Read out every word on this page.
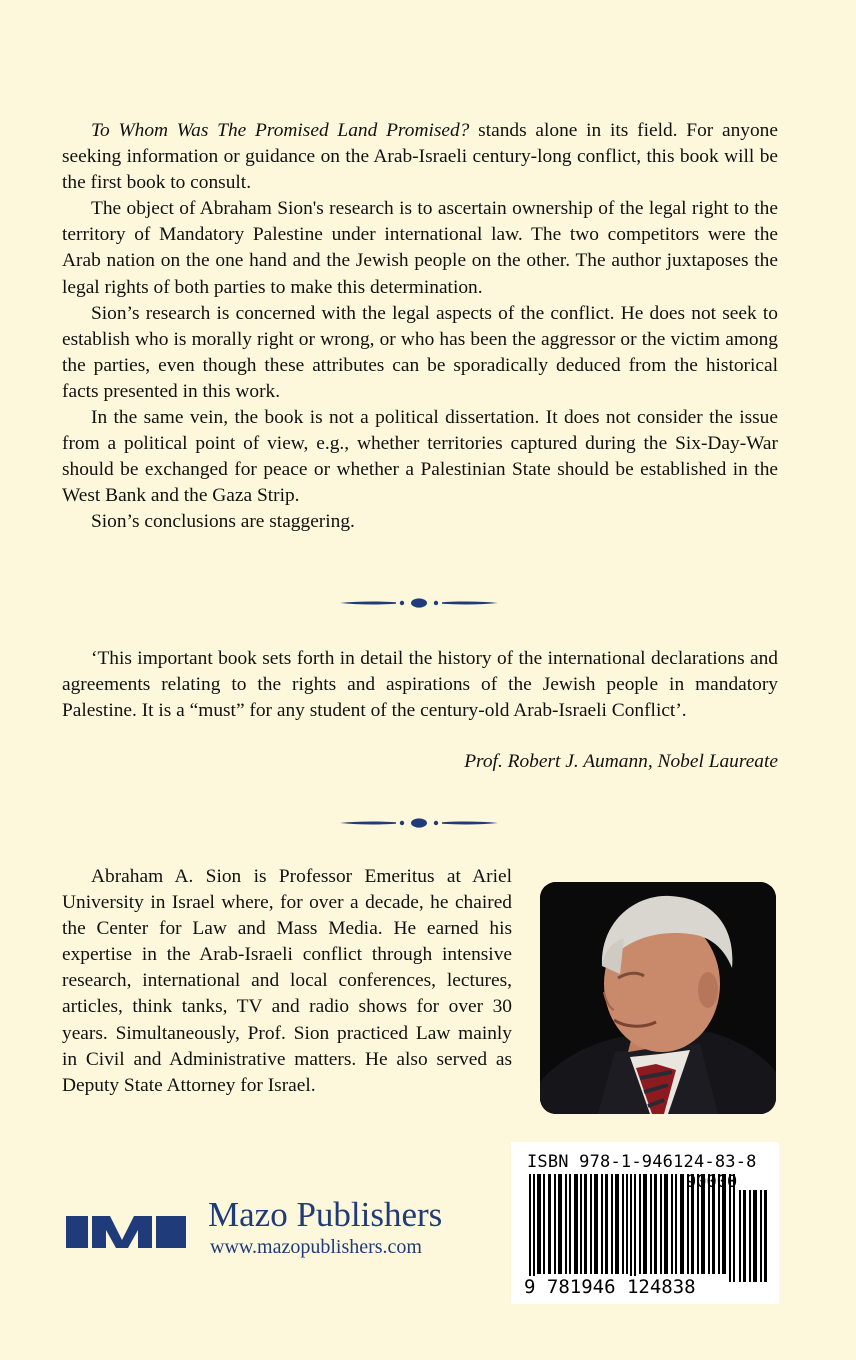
To Whom Was The Promised Land Promised? stands alone in its field. For anyone seeking information or guidance on the Arab-Israeli century-long conflict, this book will be the first book to consult.

The object of Abraham Sion's research is to ascertain ownership of the legal right to the territory of Mandatory Palestine under international law. The two competitors were the Arab nation on the one hand and the Jewish people on the other. The author juxtaposes the legal rights of both parties to make this determination.

Sion’s research is concerned with the legal aspects of the conflict. He does not seek to establish who is morally right or wrong, or who has been the aggressor or the victim among the parties, even though these attributes can be sporadically deduced from the historical facts presented in this work.

In the same vein, the book is not a political dissertation. It does not consider the issue from a political point of view, e.g., whether territories captured during the Six-Day-War should be exchanged for peace or whether a Palestinian State should be established in the West Bank and the Gaza Strip.

Sion’s conclusions are staggering.

‘This important book sets forth in detail the history of the international declarations and agreements relating to the rights and aspirations of the Jewish people in mandatory Palestine. It is a “must” for any student of the century-old Arab-Israeli Conflict’.

Prof. Robert J. Aumann, Nobel Laureate

Abraham A. Sion is Professor Emeritus at Ariel University in Israel where, for over a decade, he chaired the Center for Law and Mass Media. He earned his expertise in the Arab-Israeli conflict through intensive research, international and local conferences, lectures, articles, think tanks, TV and radio shows for over 30 years. Simultaneously, Prof. Sion practiced Law mainly in Civil and Administrative matters. He also served as Deputy State Attorney for Israel.

Mazo Publishers
www.mazopublishers.com
ISBN 978-1-946124-83-8
90000
9 781946 124838
